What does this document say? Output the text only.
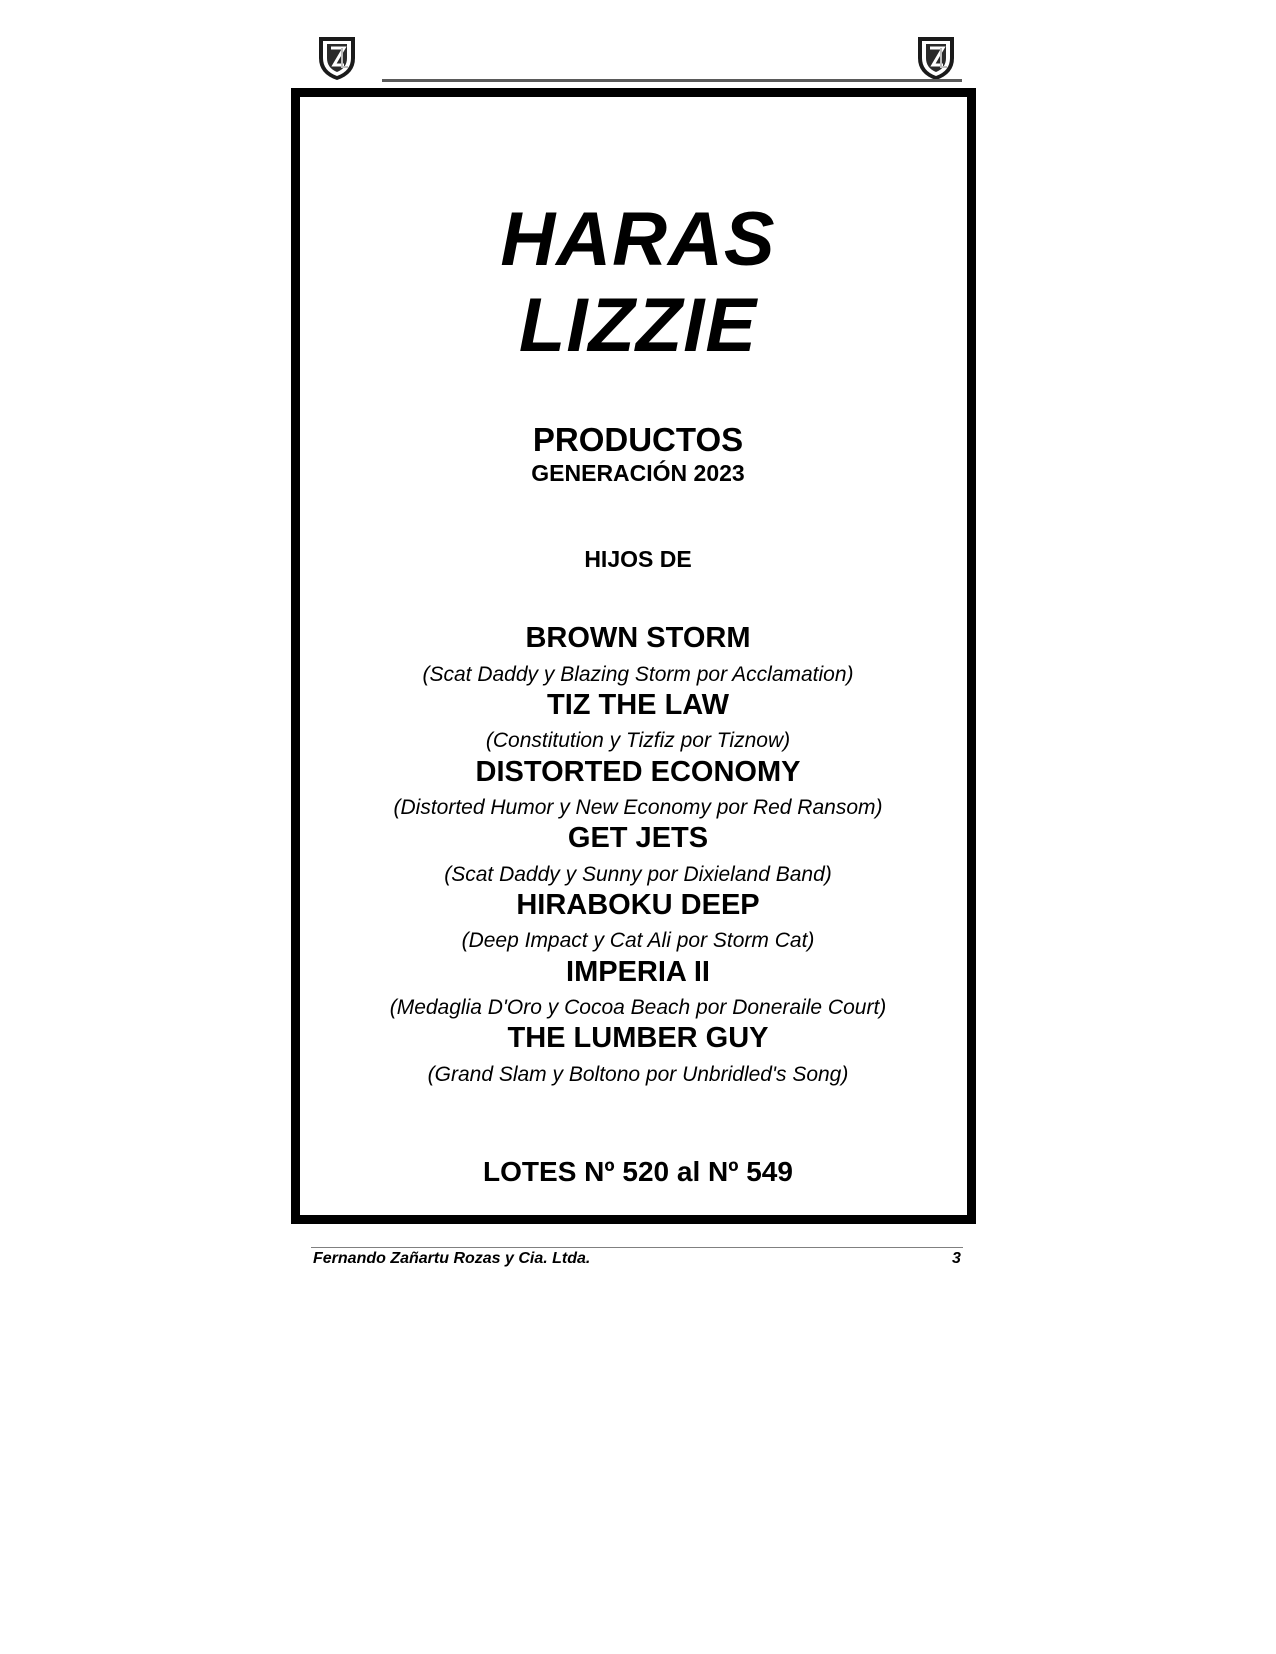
HARAS
LIZZIE
PRODUCTOS
GENERACIÓN 2023
HIJOS DE
BROWN STORM
(Scat Daddy y Blazing Storm por Acclamation)
TIZ THE LAW
(Constitution y Tizfiz por Tiznow)
DISTORTED ECONOMY
(Distorted Humor y New Economy por Red Ransom)
GET JETS
(Scat Daddy y Sunny por Dixieland Band)
HIRABOKU DEEP
(Deep Impact y Cat Ali por Storm Cat)
IMPERIA II
(Medaglia D'Oro y Cocoa Beach por Doneraile Court)
THE LUMBER GUY
(Grand Slam y Boltono por Unbridled's Song)
LOTES Nº 520 al Nº 549
Fernando Zañartu Rozas y Cia. Ltda.	3
